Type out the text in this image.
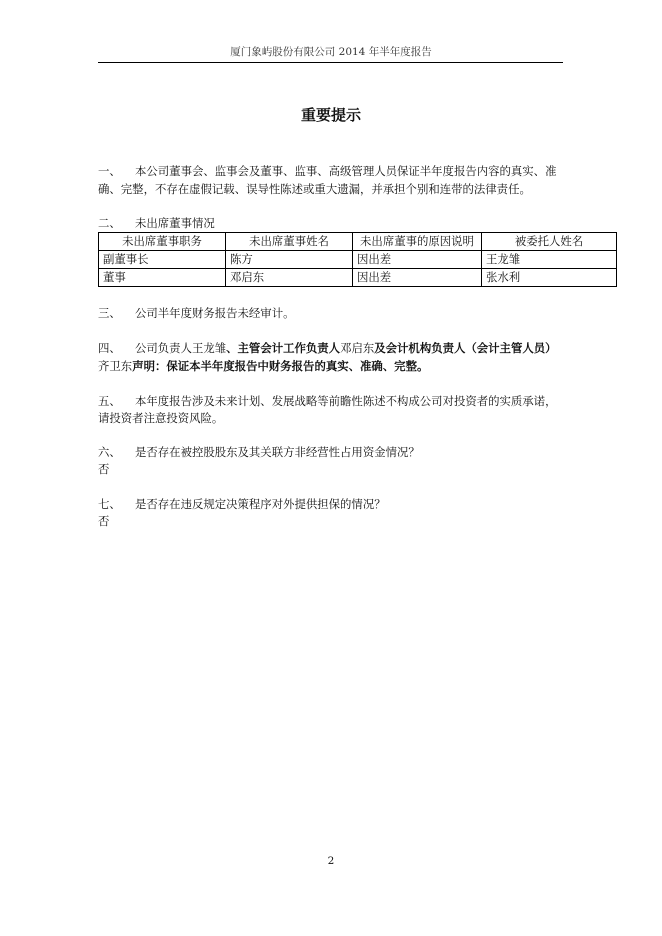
厦门象屿股份有限公司 2014 年半年度报告
重要提示
一、 本公司董事会、监事会及董事、监事、高级管理人员保证半年度报告内容的真实、准
确、完整，不存在虚假记载、误导性陈述或重大遗漏，并承担个别和连带的法律责任。
二、 未出席董事情况
未出席董事职务	未出席董事姓名	未出席董事的原因说明	被委托人姓名
副董事长	陈方	因出差	王龙雏
董事	邓启东	因出差	张水利
三、 公司半年度财务报告未经审计。
四、 公司负责人王龙雏、主管会计工作负责人邓启东及会计机构负责人（会计主管人员）
齐卫东声明：保证本半年度报告中财务报告的真实、准确、完整。
五、 本年度报告涉及未来计划、发展战略等前瞻性陈述不构成公司对投资者的实质承诺，
请投资者注意投资风险。
六、 是否存在被控股股东及其关联方非经营性占用资金情况？
否
七、 是否存在违反规定决策程序对外提供担保的情况？
否
2
